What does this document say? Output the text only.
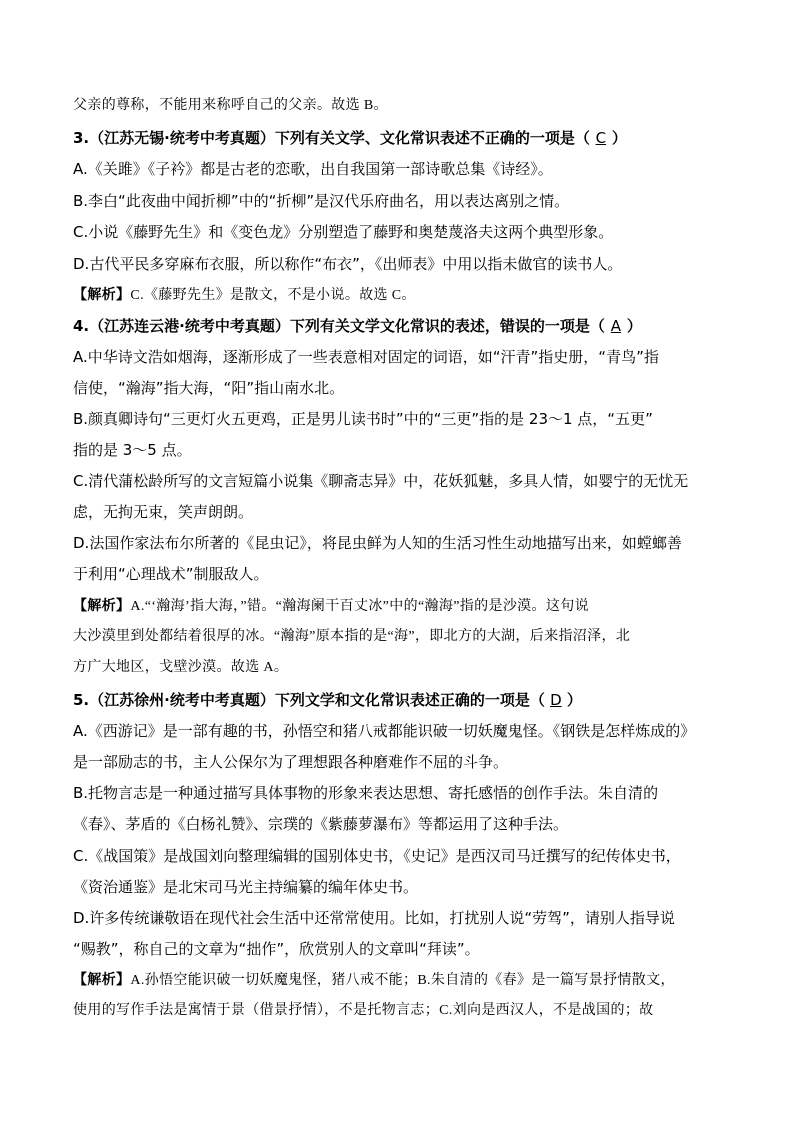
父亲的尊称，不能用来称呼自己的父亲。故选 B。
3.（江苏无锡·统考中考真题）下列有关文学、文化常识表述不正确的一项是（ C ）
A.《关雎》《子衿》都是古老的恋歌，出自我国第一部诗歌总集《诗经》。
B.李白“此夜曲中闻折柳”中的“折柳”是汉代乐府曲名，用以表达离别之情。
C.小说《藤野先生》和《变色龙》分别塑造了藤野和奥楚蔑洛夫这两个典型形象。
D.古代平民多穿麻布衣服，所以称作“布衣”，《出师表》中用以指未做官的读书人。
【解析】C.《藤野先生》是散文，不是小说。故选 C。
4.（江苏连云港·统考中考真题）下列有关文学文化常识的表述，错误的一项是（ A ）
A.中华诗文浩如烟海，逐渐形成了一些表意相对固定的词语，如“汗青”指史册，“青鸟”指
信使，“瀚海”指大海，“阳”指山南水北。
B.颜真卿诗句“三更灯火五更鸡，正是男儿读书时”中的“三更”指的是 23～1 点，“五更”
指的是 3～5 点。
C.清代蒲松龄所写的文言短篇小说集《聊斋志异》中，花妖狐魅，多具人情，如婴宁的无忧无
虑，无拘无束，笑声朗朗。
D.法国作家法布尔所著的《昆虫记》，将昆虫鲜为人知的生活习性生动地描写出来，如螳螂善
于利用“心理战术”制服敌人。
【解析】A.“‘瀚海’指大海，”错。“瀚海阑干百丈冰”中的“瀚海”指的是沙漠。这句说
大沙漠里到处都结着很厚的冰。“瀚海”原本指的是“海”，即北方的大湖，后来指沼泽，北
方广大地区，戈壁沙漠。故选 A。
5.（江苏徐州·统考中考真题）下列文学和文化常识表述正确的一项是（ D ）
A.《西游记》是一部有趣的书，孙悟空和猪八戒都能识破一切妖魔鬼怪。《钢铁是怎样炼成的》
是一部励志的书，主人公保尔为了理想跟各种磨难作不屈的斗争。
B.托物言志是一种通过描写具体事物的形象来表达思想、寄托感悟的创作手法。朱自清的
《春》、茅盾的《白杨礼赞》、宗璞的《紫藤萝瀑布》等都运用了这种手法。
C.《战国策》是战国刘向整理编辑的国别体史书，《史记》是西汉司马迁撰写的纪传体史书，
《资治通鉴》是北宋司马光主持编纂的编年体史书。
D.许多传统谦敬语在现代社会生活中还常常使用。比如，打扰别人说“劳驾”，请别人指导说
“赐教”，称自己的文章为“拙作”，欣赏别人的文章叫“拜读”。
【解析】A.孙悟空能识破一切妖魔鬼怪，猪八戒不能；B.朱自清的《春》是一篇写景抒情散文，
使用的写作手法是寓情于景（借景抒情），不是托物言志；C.刘向是西汉人，不是战国的；故
